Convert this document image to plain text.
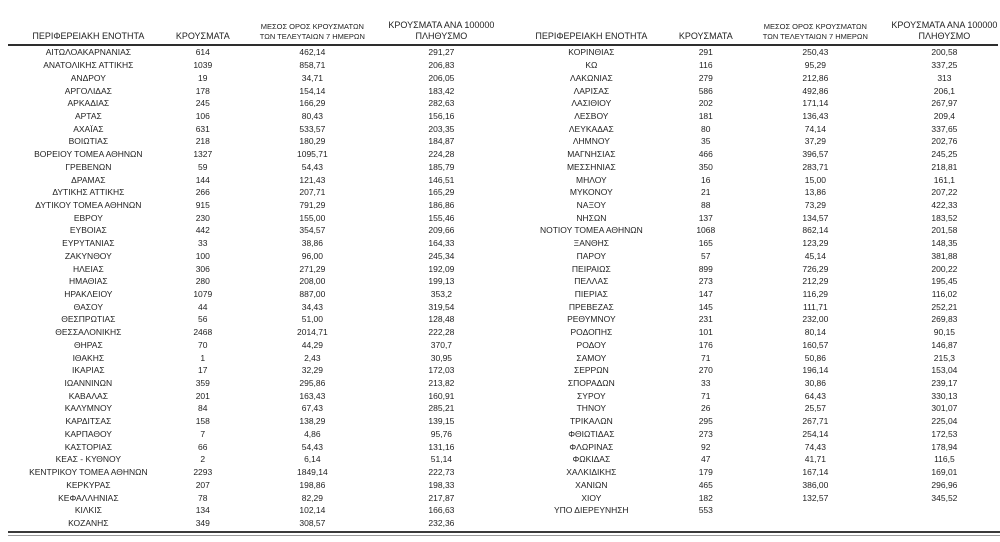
ΠΕΡΙΦΕΡΕΙΑΚΗ ΕΝΟΤΗΤΑ	ΚΡΟΥΣΜΑΤΑ
ΜΕΣΟΣ ΟΡΟΣ ΚΡΟΥΣΜΑΤΩΝ
ΤΩΝ ΤΕΛΕΥΤΑΙΩΝ 7 ΗΜΕΡΩΝ
ΚΡΟΥΣΜΑΤΑ ΑΝΑ 100000
ΠΛΗΘΥΣΜΟ	ΠΕΡΙΦΕΡΕΙΑΚΗ ΕΝΟΤΗΤΑ	ΚΡΟΥΣΜΑΤΑ
ΜΕΣΟΣ ΟΡΟΣ ΚΡΟΥΣΜΑΤΩΝ
ΤΩΝ ΤΕΛΕΥΤΑΙΩΝ 7 ΗΜΕΡΩΝ
ΚΡΟΥΣΜΑΤΑ ΑΝΑ 100000
ΠΛΗΘΥΣΜΟ
ΑΙΤΩΛΟΑΚΑΡΝΑΝΙΑΣ	614	462,14	291,27
ΑΝΑΤΟΛΙΚΗΣ ΑΤΤΙΚΗΣ	1039	858,71	206,83
ΑΝΔΡΟΥ	19	34,71	206,05
ΑΡΓΟΛΙΔΑΣ	178	154,14	183,42
ΑΡΚΑΔΙΑΣ	245	166,29	282,63
ΑΡΤΑΣ	106	80,43	156,16
ΑΧΑΪΑΣ	631	533,57	203,35
ΒΟΙΩΤΙΑΣ	218	180,29	184,87
ΒΟΡΕΙΟΥ ΤΟΜΕΑ ΑΘΗΝΩΝ	1327	1095,71	224,28
ΓΡΕΒΕΝΩΝ	59	54,43	185,79
ΔΡΑΜΑΣ	144	121,43	146,51
ΔΥΤΙΚΗΣ ΑΤΤΙΚΗΣ	266	207,71	165,29
ΔΥΤΙΚΟΥ ΤΟΜΕΑ ΑΘΗΝΩΝ	915	791,29	186,86
ΕΒΡΟΥ	230	155,00	155,46
ΕΥΒΟΙΑΣ	442	354,57	209,66
ΕΥΡΥΤΑΝΙΑΣ	33	38,86	164,33
ΖΑΚΥΝΘΟΥ	100	96,00	245,34
ΗΛΕΙΑΣ	306	271,29	192,09
ΗΜΑΘΙΑΣ	280	208,00	199,13
ΗΡΑΚΛΕΙΟΥ	1079	887,00	353,2
ΘΑΣΟΥ	44	34,43	319,54
ΘΕΣΠΡΩΤΙΑΣ	56	51,00	128,48
ΘΕΣΣΑΛΟΝΙΚΗΣ	2468	2014,71	222,28
ΘΗΡΑΣ	70	44,29	370,7
ΙΘΑΚΗΣ	1	2,43	30,95
ΙΚΑΡΙΑΣ	17	32,29	172,03
ΙΩΑΝΝΙΝΩΝ	359	295,86	213,82
ΚΑΒΑΛΑΣ	201	163,43	160,91
ΚΑΛΥΜΝΟΥ	84	67,43	285,21
ΚΑΡΔΙΤΣΑΣ	158	138,29	139,15
ΚΑΡΠΑΘΟΥ	7	4,86	95,76
ΚΑΣΤΟΡΙΑΣ	66	54,43	131,16
ΚΕΑΣ - ΚΥΘΝΟΥ	2	6,14	51,14
ΚΕΝΤΡΙΚΟΥ ΤΟΜΕΑ ΑΘΗΝΩΝ	2293	1849,14	222,73
ΚΕΡΚΥΡΑΣ	207	198,86	198,33
ΚΕΦΑΛΛΗΝΙΑΣ	78	82,29	217,87
ΚΙΛΚΙΣ	134	102,14	166,63
ΚΟΖΑΝΗΣ	349	308,57	232,36
ΚΟΡΙΝΘΙΑΣ	291	250,43	200,58
ΚΩ	116	95,29	337,25
ΛΑΚΩΝΙΑΣ	279	212,86	313
ΛΑΡΙΣΑΣ	586	492,86	206,1
ΛΑΣΙΘΙΟΥ	202	171,14	267,97
ΛΕΣΒΟΥ	181	136,43	209,4
ΛΕΥΚΑΔΑΣ	80	74,14	337,65
ΛΗΜΝΟΥ	35	37,29	202,76
ΜΑΓΝΗΣΙΑΣ	466	396,57	245,25
ΜΕΣΣΗΝΙΑΣ	350	283,71	218,81
ΜΗΛΟΥ	16	15,00	161,1
ΜΥΚΟΝΟΥ	21	13,86	207,22
ΝΑΞΟΥ	88	73,29	422,33
ΝΗΣΩΝ	137	134,57	183,52
ΝΟΤΙΟΥ ΤΟΜΕΑ ΑΘΗΝΩΝ	1068	862,14	201,58
ΞΑΝΘΗΣ	165	123,29	148,35
ΠΑΡΟΥ	57	45,14	381,88
ΠΕΙΡΑΙΩΣ	899	726,29	200,22
ΠΕΛΛΑΣ	273	212,29	195,45
ΠΙΕΡΙΑΣ	147	116,29	116,02
ΠΡΕΒΕΖΑΣ	145	111,71	252,21
ΡΕΘΥΜΝΟΥ	231	232,00	269,83
ΡΟΔΟΠΗΣ	101	80,14	90,15
ΡΟΔΟΥ	176	160,57	146,87
ΣΑΜΟΥ	71	50,86	215,3
ΣΕΡΡΩΝ	270	196,14	153,04
ΣΠΟΡΑΔΩΝ	33	30,86	239,17
ΣΥΡΟΥ	71	64,43	330,13
ΤΗΝΟΥ	26	25,57	301,07
ΤΡΙΚΑΛΩΝ	295	267,71	225,04
ΦΘΙΩΤΙΔΑΣ	273	254,14	172,53
ΦΛΩΡΙΝΑΣ	92	74,43	178,94
ΦΩΚΙΔΑΣ	47	41,71	116,5
ΧΑΛΚΙΔΙΚΗΣ	179	167,14	169,01
ΧΑΝΙΩΝ	465	386,00	296,96
ΧΙΟΥ	182	132,57	345,52
ΥΠΟ ΔΙΕΡΕΥΝΗΣΗ	553
